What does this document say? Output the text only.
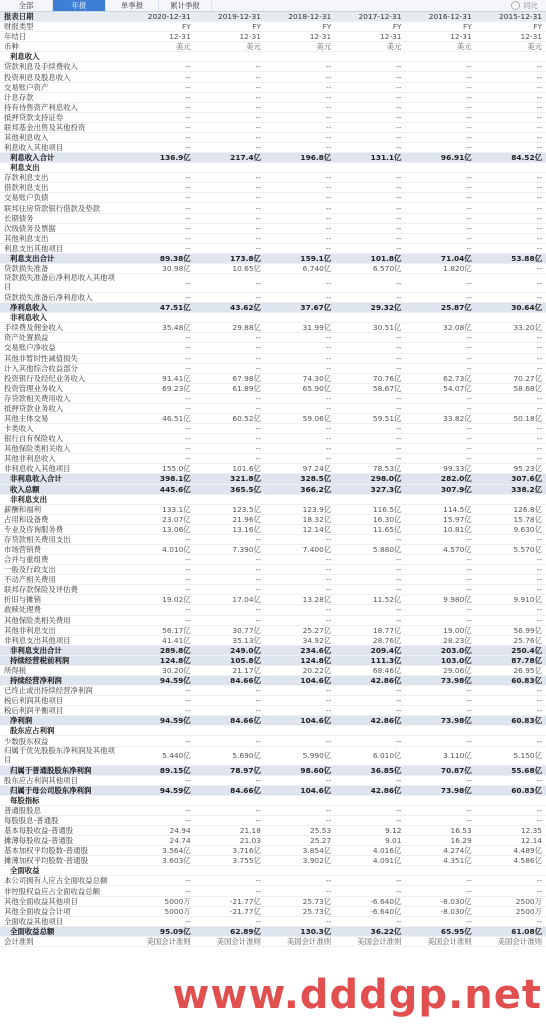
全部	年报	单季报	累计季报	同比
报表日期	2020-12-31	2019-12-31	2018-12-31	2017-12-31	2016-12-31	2015-12-31
财报类型	FY	FY	FY	FY	FY	FY
年结日	12-31	12-31	12-31	12-31	12-31	12-31
币种	美元	美元	美元	美元	美元	美元
利息收入						
贷款利息及手续费收入	--	--	--	--	--	--
投资利息及股息收入	--	--	--	--	--	--
交易账户资产	--	--	--	--	--	--
计息存款	--	--	--	--	--	--
持有待售资产利息收入	--	--	--	--	--	--
抵押贷款支持证券	--	--	--	--	--	--
联邦基金出售及其他投资	--	--	--	--	--	--
其他利息收入	--	--	--	--	--	--
利息收入其他项目	--	--	--	--	--	--
利息收入合计	136.9亿	217.4亿	196.8亿	131.1亿	96.91亿	84.52亿
利息支出						
存款利息支出	--	--	--	--	--	--
借款利息支出	--	--	--	--	--	--
交易账户负债	--	--	--	--	--	--
联邦住房贷款银行借款及垫款	--	--	--	--	--	--
长期债务	--	--	--	--	--	--
次级债务及票据	--	--	--	--	--	--
其他利息支出	--	--	--	--	--	--
利息支出其他项目	--	--	--	--	--	--
利息支出合计	89.38亿	173.8亿	159.1亿	101.8亿	71.04亿	53.88亿
贷款损失准备	30.98亿	10.65亿	6.740亿	6.570亿	1.820亿	--
贷款损失准备后净利息收入其他项目	--	--	--	--	--	--
贷款损失准备后净利息收入	--	--	--	--	--	--
净利息收入	47.51亿	43.62亿	37.67亿	29.32亿	25.87亿	30.64亿
非利息收入						
手续费及佣金收入	35.48亿	29.88亿	31.99亿	30.51亿	32.08亿	33.20亿
资产处置损益	--	--	--	--	--	--
交易账户净收益	--	--	--	--	--	--
其他非暂时性减值损失	--	--	--	--	--	--
计入其他综合收益部分	--	--	--	--	--	--
投资银行及经纪业务收入	91.41亿	67.98亿	74.30亿	70.76亿	62.73亿	70.27亿
投资管理业务收入	69.23亿	61.89亿	65.90亿	58.67亿	54.07亿	58.68亿
存贷款相关费用收入	--	--	--	--	--	--
抵押贷款业务收入	--	--	--	--	--	--
其他主体交易	46.51亿	60.52亿	59.06亿	59.51亿	33.82亿	50.18亿
卡类收入	--	--	--	--	--	--
银行自有保险收入	--	--	--	--	--	--
其他保险类相关收入	--	--	--	--	--	--
其他非利息收入	--	--	--	--	--	--
非利息收入其他项目	155.0亿	101.6亿	97.24亿	78.53亿	99.33亿	95.23亿
非利息收入合计	398.1亿	321.8亿	328.5亿	298.0亿	282.0亿	307.6亿
收入总额	445.6亿	365.5亿	366.2亿	327.3亿	307.9亿	338.2亿
非利息支出						
薪酬和福利	133.1亿	123.5亿	123.9亿	116.5亿	114.5亿	126.8亿
占用和设备费	23.07亿	21.96亿	18.32亿	16.30亿	15.97亿	15.78亿
专业及咨询服务费	13.06亿	13.16亿	12.14亿	11.65亿	10.81亿	9.630亿
存贷款相关费用支出	--	--	--	--	--	--
市场营销费	4.010亿	7.390亿	7.400亿	5.880亿	4.570亿	5.570亿
合并与重组费	--	--	--	--	--	--
一般及行政支出	--	--	--	--	--	--
不动产相关费用	--	--	--	--	--	--
联邦存款保险及评估费	--	--	--	--	--	--
折旧与摊销	19.02亿	17.04亿	13.28亿	11.52亿	9.980亿	9.910亿
救赎处理费	--	--	--	--	--	--
其他保险类相关费用	--	--	--	--	--	--
其他非利息支出	56.17亿	30.77亿	25.27亿	18.77亿	19.00亿	56.99亿
非利息支出其他项目	41.41亿	35.13亿	34.92亿	28.76亿	28.23亿	25.76亿
非利息支出合计	289.8亿	249.0亿	234.6亿	209.4亿	203.0亿	250.4亿
持续经营税前利润	124.8亿	105.8亿	124.8亿	111.3亿	103.0亿	87.78亿
所得税	30.20亿	21.17亿	20.22亿	68.46亿	29.06亿	26.95亿
持续经营净利润	94.59亿	84.66亿	104.6亿	42.86亿	73.98亿	60.83亿
已终止或出持续经营净利润	--	--	--	--	--	--
税后利润其他项目	--	--	--	--	--	--
税后利润平衡项目	--	--	--	--	--	--
净利润	94.59亿	84.66亿	104.6亿	42.86亿	73.98亿	60.83亿
股东应占利润						
少数股东权益	--	--	--	--	--	--
归属于优先股股东净利润及其他项目	5.440亿	5.690亿	5.990亿	6.010亿	3.110亿	5.150亿
归属于普通股股东净利润	89.15亿	78.97亿	98.60亿	36.85亿	70.87亿	55.68亿
股东应占利润其他项目	--	--	--	--	--	--
归属于母公司股东净利润	94.59亿	84.66亿	104.6亿	42.86亿	73.98亿	60.83亿
每股指标						
普通股股息	--	--	--	--	--	--
每股股息-普通股	--	--	--	--	--	--
基本每股收益-普通股	24.94	21.18	25.53	9.12	16.53	12.35
摊薄每股收益-普通股	24.74	21.03	25.27	9.01	16.29	12.14
基本加权平均股数-普通股	3.564亿	3.716亿	3.854亿	4.016亿	4.274亿	4.489亿
摊薄加权平均股数-普通股	3.603亿	3.755亿	3.902亿	4.091亿	4.351亿	4.586亿
全面收益						
本公司拥有人应占全面收益总额	--	--	--	--	--	--
非控股权益应占全面收益总额	--	--	--	--	--	--
其他全面收益其他项目	5000万	-21.77亿	25.73亿	-6.640亿	-8.030亿	2500万
其他全面收益合计项	5000万	-21.77亿	25.73亿	-6.640亿	-8.030亿	2500万
全面收益其他项目	--	--	--	--	--	--
全面收益总额	95.09亿	62.89亿	130.3亿	36.22亿	65.95亿	61.08亿
会计准则	美国会计准则	美国会计准则	美国会计准则	美国会计准则	美国会计准则	美国会计准则
www.dddgp.net
